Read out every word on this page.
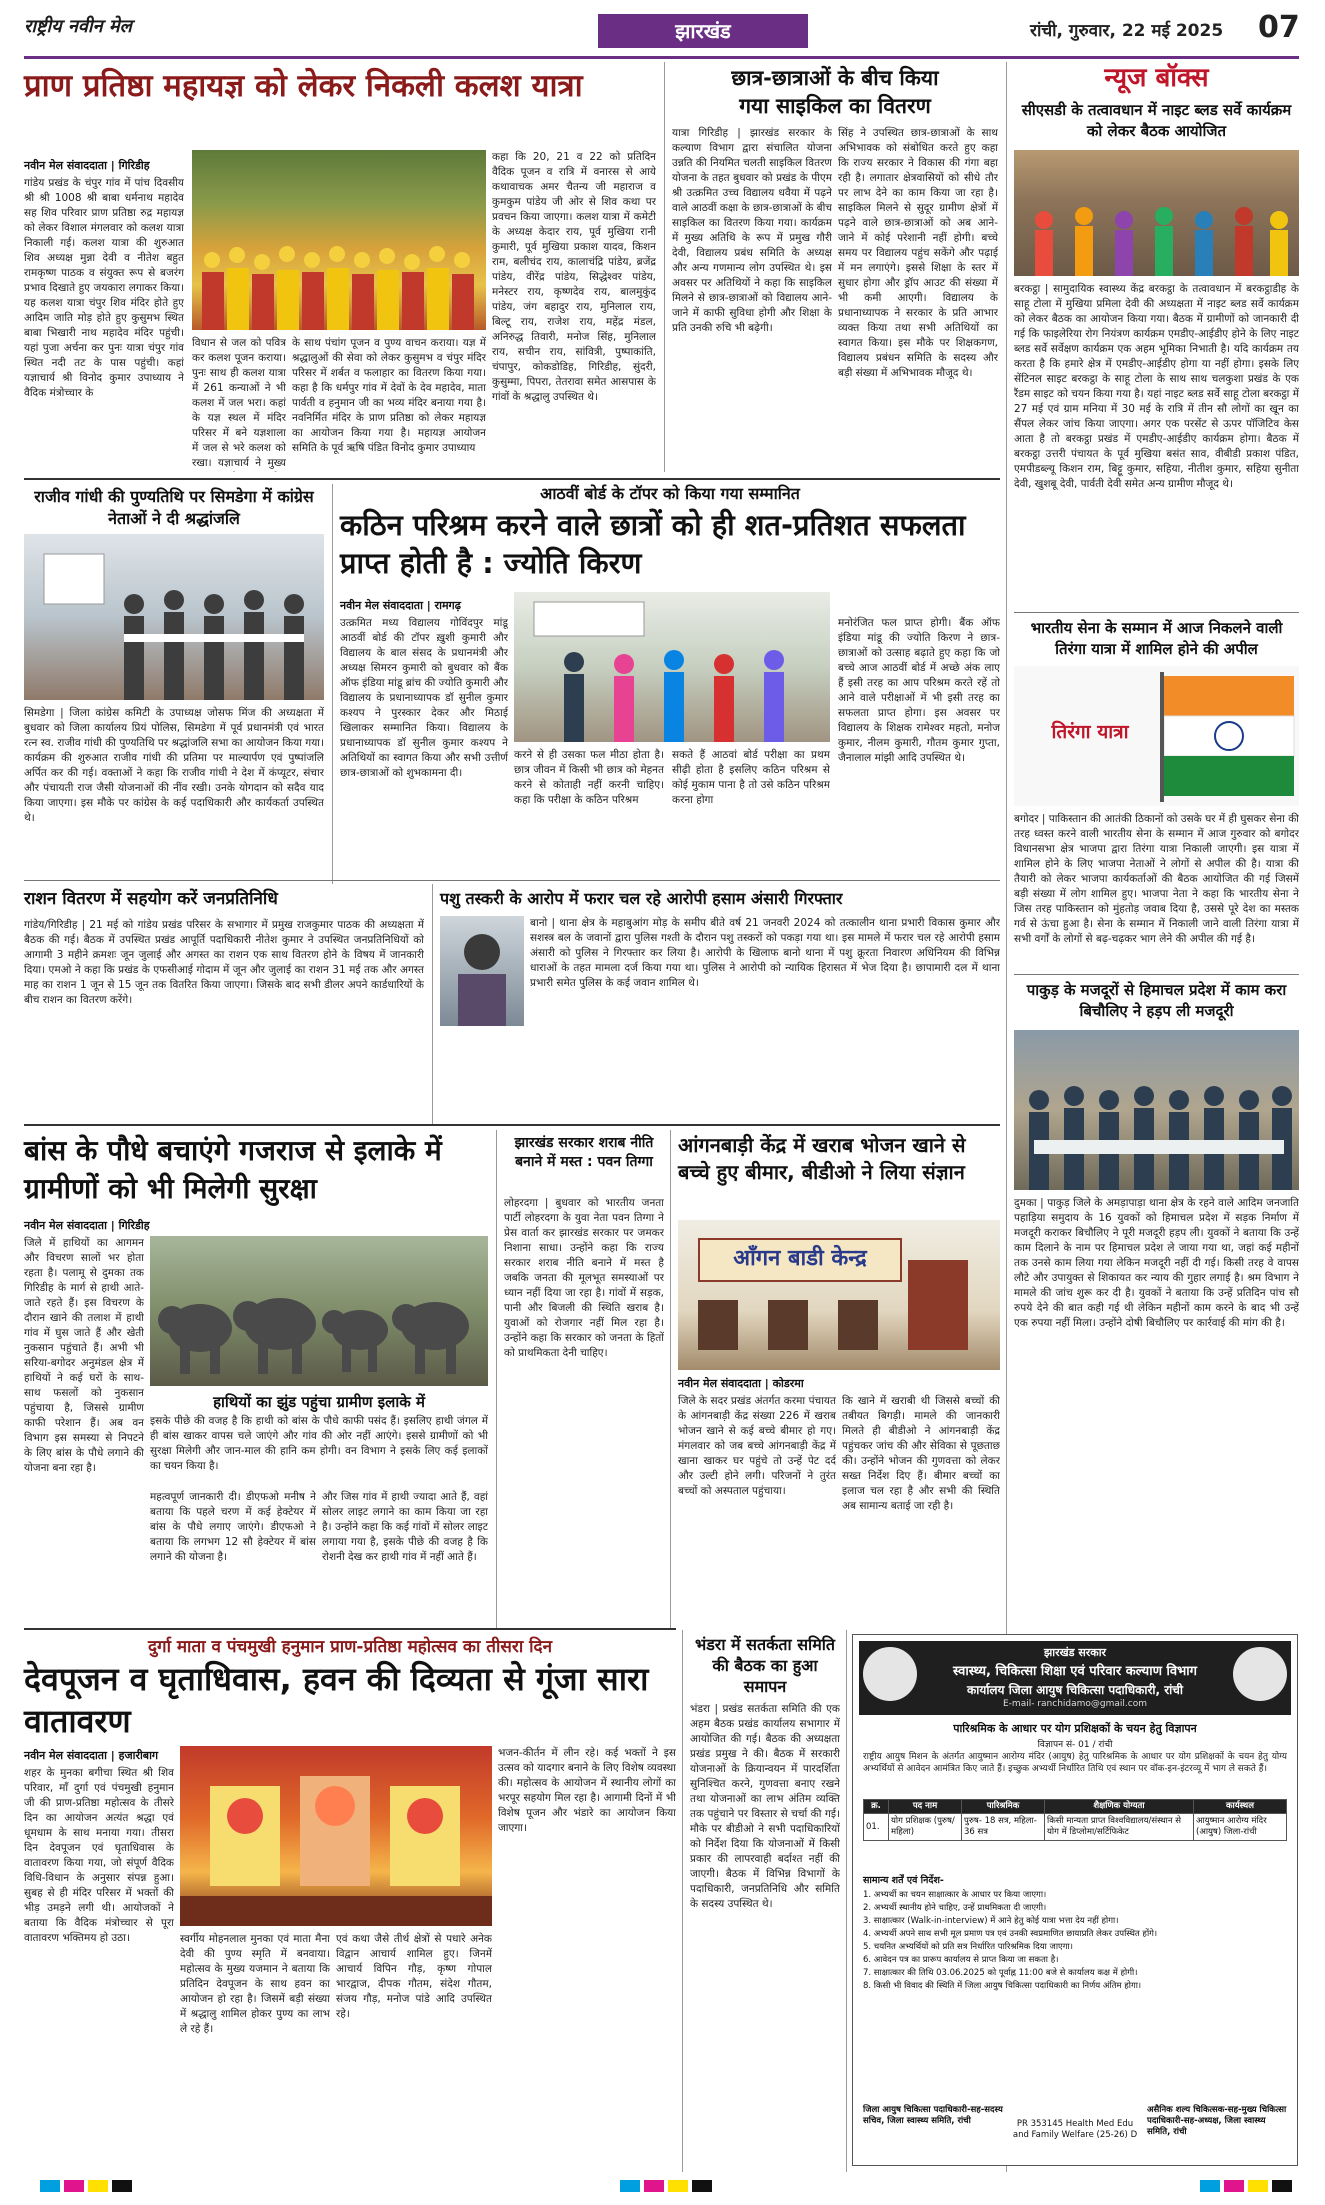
राष्ट्रीय नवीन मेल	झारखंड	रांची, गुरुवार, 22 मई 2025 07
प्राण प्रतिष्ठा महायज्ञ को लेकर निकली कलश यात्रा
नवीन मेल संवाददाता | गिरिडीह
गांडेय प्रखंड के चंपुर गांव में पांच दिवसीय श्री श्री 1008 श्री बाबा धर्मनाथ महादेव सह शिव परिवार प्राण प्रतिष्ठा रुद्र महायज्ञ को लेकर विशाल मंगलवार को कलश यात्रा निकाली गई। कलश यात्रा की शुरुआत शिव अध्यक्ष मुन्ना देवी व नीतेश बहुत रामकृष्ण पाठक व संयुक्त रूप से बजरंग प्रभाव दिखाते हुए जयकारा लगाकर किया। यह कलश यात्रा चंपुर शिव मंदिर होते हुए आदिम जाति मोड़ होते हुए कुसुमभ स्थित बाबा भिखारी नाथ महादेव मंदिर पहुंची। यहां पुजा अर्चना कर पुनः यात्रा चंपुर गांव स्थित नदी तट के पास पहुंची। कहां यज्ञाचार्य श्री विनोद कुमार उपाध्याय ने वैदिक मंत्रोच्चार के
विधान से जल को पवित्र कर कलश पूजन कराया। पुनः साथ ही कलश यात्रा में 261 कन्याओं ने भी कलश में जल भरा। कहां के यज्ञ स्थल में मंदिर परिसर में बने यज्ञशाला में जल से भरे कलश को रखा। यज्ञाचार्य ने मुख्य
के साथ पंचांग पूजन व पुण्य वाचन कराया। यज्ञ में श्रद्धालुओं की सेवा को लेकर कुसुमभ व चंपुर मंदिर परिसर में शर्बत व फलाहार का वितरण किया गया। कहा है कि धर्मपुर गांव में देवों के देव महादेव, माता पार्वती व हनुमान जी का भव्य मंदिर बनाया गया है। नवनिर्मित मंदिर के प्राण प्रतिष्ठा को लेकर महायज्ञ का आयोजन किया गया है। महायज्ञ आयोजन समिति के पूर्व ऋषि पंडित विनोद कुमार उपाध्याय
कहा कि 20, 21 व 22 को प्रतिदिन वैदिक पूजन व रात्रि में वनारस से आये कथावाचक अमर चैतन्य जी महाराज व कुमकुम पांडेय जी ओर से शिव कथा पर प्रवचन किया जाएगा। कलश यात्रा में कमेटी के अध्यक्ष केदार राय, पूर्व मुखिया रानी कुमारी, पूर्व मुखिया प्रकाश यादव, किशन राम, बलीचंद राय, कालाचंद्रि पांडेय, ब्रजेंद्र पांडेय, वीरेंद्र पांडेय, सिद्धेश्वर पांडेय, मनेस्टर राय, कृष्णदेव राय, बालमुकुंद पांडेय, जंग बहादुर राय, मुनिलाल राय, बिल्टू राय, राजेश राय, महेंद्र मंडल, अनिरुद्ध तिवारी, मनोज सिंह, मुनिलाल राय, सचीन राय, सांवित्री, पुष्पाकांति, चंपापुर, कोकडोडिह, गिरिडीह, सुंदरी, कुसुम्मा, पिपरा, तेतरावा समेत आसपास के गांवों के श्रद्धालु उपस्थित थे।
छात्र-छात्राओं के बीच किया
गया साइकिल का वितरण
यात्रा गिरिडीह | झारखंड सरकार के कल्याण विभाग द्वारा संचालित योजना उन्नति की नियमित चलती साइकिल वितरण योजना के तहत बुधवार को प्रखंड के पीएम श्री उत्क्रमित उच्च विद्यालय धवैया में पढ़ने वाले आठवीं कक्षा के छात्र-छात्राओं के बीच साइकिल का वितरण किया गया। कार्यक्रम में मुख्य अतिथि के रूप में प्रमुख गौरी देवी, विद्यालय प्रबंध समिति के अध्यक्ष और अन्य गणमान्य लोग उपस्थित थे। इस अवसर पर अतिथियों ने कहा कि साइकिल मिलने से छात्र-छात्राओं को विद्यालय आने-जाने में काफी सुविधा होगी और शिक्षा के प्रति उनकी रुचि भी बढ़ेगी।
सिंह ने उपस्थित छात्र-छात्राओं के साथ अभिभावक को संबोधित करते हुए कहा कि राज्य सरकार ने विकास की गंगा बहा रही है। लगातार क्षेत्रवासियों को सीधे तौर पर लाभ देने का काम किया जा रहा है। साइकिल मिलने से सुदूर ग्रामीण क्षेत्रों में पढ़ने वाले छात्र-छात्राओं को अब आने-जाने में कोई परेशानी नहीं होगी। बच्चे समय पर विद्यालय पहुंच सकेंगे और पढ़ाई में मन लगाएंगे। इससे शिक्षा के स्तर में सुधार होगा और ड्रॉप आउट की संख्या में भी कमी आएगी। विद्यालय के प्रधानाध्यापक ने सरकार के प्रति आभार व्यक्त किया तथा सभी अतिथियों का स्वागत किया। इस मौके पर शिक्षकगण, विद्यालय प्रबंधन समिति के सदस्य और बड़ी संख्या में अभिभावक मौजूद थे।
न्यूज बॉक्स
सीएसडी के तत्वावधान में नाइट ब्लड सर्वे कार्यक्रम को लेकर बैठक आयोजित
बरकट्ठा | सामुदायिक स्वास्थ्य केंद्र बरकट्ठा के तत्वावधान में बरकट्ठाडीह के साहू टोला में मुखिया प्रमिला देवी की अध्यक्षता में नाइट ब्लड सर्वे कार्यक्रम को लेकर बैठक का आयोजन किया गया। बैठक में ग्रामीणों को जानकारी दी गई कि फाइलेरिया रोग नियंत्रण कार्यक्रम एमडीए-आईडीए होने के लिए नाइट ब्लड सर्वे सर्वेक्षण कार्यक्रम एक अहम भूमिका निभाती है। यदि कार्यक्रम तय करता है कि हमारे क्षेत्र में एमडीए-आईडीए होगा या नहीं होगा। इसके लिए सेंटिनल साइट बरकट्ठा के साहू टोला के साथ साथ चलकुशा प्रखंड के एक रैंडम साइट को चयन किया गया है। यहां नाइट ब्लड सर्वे साहू टोला बरकट्ठा में 27 मई एवं ग्राम मनिया में 30 मई के रात्रि में तीन सौ लोगों का खून का सैंपल लेकर जांच किया जाएगा। अगर एक परसेंट से ऊपर पॉजिटिव केस आता है तो बरकट्ठा प्रखंड में एमडीए-आईडीए कार्यक्रम होगा। बैठक में बरकट्ठा उत्तरी पंचायत के पूर्व मुखिया बसंत साव, वीबीडी प्रकाश पंडित, एमपीडब्ल्यू किशन राम, बिट्टू कुमार, सहिया, नीतीश कुमार, सहिया सुनीता देवी, खुशबू देवी, पार्वती देवी समेत अन्य ग्रामीण मौजूद थे।
भारतीय सेना के सम्मान में आज निकलने वाली तिरंगा यात्रा में शामिल होने की अपील
तिरंगा यात्रा
बगोदर | पाकिस्तान की आतंकी ठिकानों को उसके घर में ही घुसकर सेना की तरह ध्वस्त करने वाली भारतीय सेना के सम्मान में आज गुरुवार को बगोदर विधानसभा क्षेत्र भाजपा द्वारा तिरंगा यात्रा निकाली जाएगी। इस यात्रा में शामिल होने के लिए भाजपा नेताओं ने लोगों से अपील की है। यात्रा की तैयारी को लेकर भाजपा कार्यकर्ताओं की बैठक आयोजित की गई जिसमें बड़ी संख्या में लोग शामिल हुए। भाजपा नेता ने कहा कि भारतीय सेना ने जिस तरह पाकिस्तान को मुंहतोड़ जवाब दिया है, उससे पूरे देश का मस्तक गर्व से ऊंचा हुआ है। सेना के सम्मान में निकाली जाने वाली तिरंगा यात्रा में सभी वर्गों के लोगों से बढ़-चढ़कर भाग लेने की अपील की गई है।
पाकुड़ के मजदूरों से हिमाचल प्रदेश में काम करा बिचौलिए ने हड़प ली मजदूरी
दुमका | पाकुड़ जिले के अमड़ापाड़ा थाना क्षेत्र के रहने वाले आदिम जनजाति पहाड़िया समुदाय के 16 युवकों को हिमाचल प्रदेश में सड़क निर्माण में मजदूरी कराकर बिचौलिए ने पूरी मजदूरी हड़प ली। युवकों ने बताया कि उन्हें काम दिलाने के नाम पर हिमाचल प्रदेश ले जाया गया था, जहां कई महीनों तक उनसे काम लिया गया लेकिन मजदूरी नहीं दी गई। किसी तरह वे वापस लौटे और उपायुक्त से शिकायत कर न्याय की गुहार लगाई है। श्रम विभाग ने मामले की जांच शुरू कर दी है। युवकों ने बताया कि उन्हें प्रतिदिन पांच सौ रुपये देने की बात कही गई थी लेकिन महीनों काम करने के बाद भी उन्हें एक रुपया नहीं मिला। उन्होंने दोषी बिचौलिए पर कार्रवाई की मांग की है।
राजीव गांधी की पुण्यतिथि पर सिमडेगा में कांग्रेस नेताओं ने दी श्रद्धांजलि
सिमडेगा | जिला कांग्रेस कमिटी के उपाध्यक्ष जोसफ मिंज की अध्यक्षता में बुधवार को जिला कार्यालय प्रियं पोलिस, सिमडेगा में पूर्व प्रधानमंत्री एवं भारत रत्न स्व. राजीव गांधी की पुण्यतिथि पर श्रद्धांजलि सभा का आयोजन किया गया। कार्यक्रम की शुरुआत राजीव गांधी की प्रतिमा पर माल्यार्पण एवं पुष्पांजलि अर्पित कर की गई। वक्ताओं ने कहा कि राजीव गांधी ने देश में कंप्यूटर, संचार और पंचायती राज जैसी योजनाओं की नींव रखी। उनके योगदान को सदैव याद किया जाएगा। इस मौके पर कांग्रेस के कई पदाधिकारी और कार्यकर्ता उपस्थित थे।
आठवीं बोर्ड के टॉपर को किया गया सम्मानित
कठिन परिश्रम करने वाले छात्रों को ही शत-प्रतिशत सफलता प्राप्त होती है : ज्योति किरण
नवीन मेल संवाददाता | रामगढ़
उत्क्रमित मध्य विद्यालय गोविंदपुर मांडू आठवीं बोर्ड की टॉपर ख़ुशी कुमारी और विद्यालय के बाल संसद के प्रधानमंत्री और अध्यक्ष सिमरन कुमारी को बुधवार को बैंक ऑफ इंडिया मांडू ब्रांच की ज्योति कुमारी और विद्यालय के प्रधानाध्यापक डॉ सुनील कुमार कश्यप ने पुरस्कार देकर और मिठाई खिलाकर सम्मानित किया। विद्यालय के प्रधानाध्यापक डॉ सुनील कुमार कश्यप ने अतिथियों का स्वागत किया और सभी उत्तीर्ण छात्र-छात्राओं को शुभकामना दी।
करने से ही उसका फल मीठा होता है। छात्र जीवन में किसी भी छात्र को मेहनत करने से कोताही नहीं करनी चाहिए। कहा कि परीक्षा के कठिन परिश्रम
सकते हैं आठवां बोर्ड परीक्षा का प्रथम सीढ़ी होता है इसलिए कठिन परिश्रम से कोई मुकाम पाना है तो उसे कठिन परिश्रम करना होगा
मनोरंजित फल प्राप्त होगी। बैंक ऑफ इंडिया मांडू की ज्योति किरण ने छात्र-छात्राओं को उत्साह बढ़ाते हुए कहा कि जो बच्चे आज आठवीं बोर्ड में अच्छे अंक लाए हैं इसी तरह का आप परिश्रम करते रहें तो आने वाले परीक्षाओं में भी इसी तरह का सफलता प्राप्त होगा। इस अवसर पर विद्यालय के शिक्षक रामेश्वर महतो, मनोज कुमार, नीलम कुमारी, गौतम कुमार गुप्ता, जैनालाल मांझी आदि उपस्थित थे।
राशन वितरण में सहयोग करें जनप्रतिनिधि
गांडेय/गिरिडीह | 21 मई को गांडेय प्रखंड परिसर के सभागार में प्रमुख राजकुमार पाठक की अध्यक्षता में बैठक की गई। बैठक में उपस्थित प्रखंड आपूर्ति पदाधिकारी नीतेश कुमार ने उपस्थित जनप्रतिनिधियों को आगामी 3 महीने क्रमशः जून जुलाई और अगस्त का राशन एक साथ वितरण होने के विषय में जानकारी दिया। एमओ ने कहा कि प्रखंड के एफसीआई गोदाम में जून और जुलाई का राशन 31 मई तक और अगस्त माह का राशन 1 जून से 15 जून तक वितरित किया जाएगा। जिसके बाद सभी डीलर अपने कार्डधारियों के बीच राशन का वितरण करेंगे।
पशु तस्करी के आरोप में फरार चल रहे आरोपी हसाम अंसारी गिरफ्तार
बानो | थाना क्षेत्र के महाबुआंग मोड़ के समीप बीते वर्ष 21 जनवरी 2024 को तत्कालीन थाना प्रभारी विकास कुमार और सशस्त्र बल के जवानों द्वारा पुलिस गश्ती के दौरान पशु तस्करों को पकड़ा गया था। इस मामले में फरार चल रहे आरोपी हसाम अंसारी को पुलिस ने गिरफ्तार कर लिया है। आरोपी के खिलाफ बानो थाना में पशु क्रूरता निवारण अधिनियम की विभिन्न धाराओं के तहत मामला दर्ज किया गया था। पुलिस ने आरोपी को न्यायिक हिरासत में भेज दिया है। छापामारी दल में थाना प्रभारी समेत पुलिस के कई जवान शामिल थे।
बांस के पौधे बचाएंगे गजराज से इलाके में ग्रामीणों को भी मिलेगी सुरक्षा
नवीन मेल संवाददाता | गिरिडीह
जिले में हाथियों का आगमन और विचरण सालों भर होता रहता है। पलामू से दुमका तक गिरिडीह के मार्ग से हाथी आते-जाते रहते हैं। इस विचरण के दौरान खाने की तलाश में हाथी गांव में घुस जाते हैं और खेती नुकसान पहुंचाते हैं। अभी भी सरिया-बगोदर अनुमंडल क्षेत्र में हाथियों ने कई घरों के साथ-साथ फसलों को नुकसान पहुंचाया है, जिससे ग्रामीण काफी परेशान हैं। अब वन विभाग इस समस्या से निपटने के लिए बांस के पौधे लगाने की योजना बना रहा है।
हाथियों का झुंड पहुंचा ग्रामीण इलाके में
इसके पीछे की वजह है कि हाथी को बांस के पौधे काफी पसंद हैं। इसलिए हाथी जंगल में ही बांस खाकर वापस चले जाएंगे और गांव की ओर नहीं आएंगे। इससे ग्रामीणों को भी सुरक्षा मिलेगी और जान-माल की हानि कम होगी। वन विभाग ने इसके लिए कई इलाकों का चयन किया है।
महत्वपूर्ण जानकारी दी। डीएफओ मनीष ने बताया कि पहले चरण में कई हेक्टेयर में बांस के पौधे लगाए जाएंगे। डीएफओ ने बताया कि लगभग 12 सौ हेक्टेयर में बांस लगाने की योजना है।
और जिस गांव में हाथी ज्यादा आते हैं, वहां सोलर लाइट लगाने का काम किया जा रहा है। उन्होंने कहा कि कई गांवों में सोलर लाइट लगाया गया है, इसके पीछे की वजह है कि रोशनी देख कर हाथी गांव में नहीं आते हैं।
झारखंड सरकार शराब नीति बनाने में मस्त : पवन तिग्गा
लोहरदगा | बुधवार को भारतीय जनता पार्टी लोहरदगा के युवा नेता पवन तिग्गा ने प्रेस वार्ता कर झारखंड सरकार पर जमकर निशाना साधा। उन्होंने कहा कि राज्य सरकार शराब नीति बनाने में मस्त है जबकि जनता की मूलभूत समस्याओं पर ध्यान नहीं दिया जा रहा है। गांवों में सड़क, पानी और बिजली की स्थिति खराब है। युवाओं को रोजगार नहीं मिल रहा है। उन्होंने कहा कि सरकार को जनता के हितों को प्राथमिकता देनी चाहिए।
आंगनबाड़ी केंद्र में खराब भोजन खाने से बच्चे हुए बीमार, बीडीओ ने लिया संज्ञान
ऑंगन बाडी केन्द्र
नवीन मेल संवाददाता | कोडरमा
जिले के सदर प्रखंड अंतर्गत करमा पंचायत के आंगनबाड़ी केंद्र संख्या 226 में खराब भोजन खाने से कई बच्चे बीमार हो गए। मंगलवार को जब बच्चे आंगनबाड़ी केंद्र में खाना खाकर घर पहुंचे तो उन्हें पेट दर्द और उल्टी होने लगी। परिजनों ने तुरंत बच्चों को अस्पताल पहुंचाया।
कि खाने में खराबी थी जिससे बच्चों की तबीयत बिगड़ी। मामले की जानकारी मिलते ही बीडीओ ने आंगनबाड़ी केंद्र पहुंचकर जांच की और सेविका से पूछताछ की। उन्होंने भोजन की गुणवत्ता को लेकर सख्त निर्देश दिए हैं। बीमार बच्चों का इलाज चल रहा है और सभी की स्थिति अब सामान्य बताई जा रही है।
दुर्गा माता व पंचमुखी हनुमान प्राण-प्रतिष्ठा महोत्सव का तीसरा दिन
देवपूजन व घृताधिवास, हवन की दिव्यता से गूंजा सारा वातावरण
नवीन मेल संवाददाता | हजारीबाग
शहर के मुनका बगीचा स्थित श्री शिव परिवार, माँ दुर्गा एवं पंचमुखी हनुमान जी की प्राण-प्रतिष्ठा महोत्सव के तीसरे दिन का आयोजन अत्यंत श्रद्धा एवं धूमधाम के साथ मनाया गया। तीसरा दिन देवपूजन एवं घृताधिवास के वातावरण किया गया, जो संपूर्ण वैदिक विधि-विधान के अनुसार संपन्न हुआ। सुबह से ही मंदिर परिसर में भक्तों की भीड़ उमड़ने लगी थी। आयोजकों ने बताया कि वैदिक मंत्रोच्चार से पूरा वातावरण भक्तिमय हो उठा।	स्वर्गीय मोहनलाल मुनका एवं माता मैना देवी की पुण्य स्मृति में बनवाया। महोत्सव के मुख्य यजमान ने बताया कि प्रतिदिन देवपूजन के साथ हवन का आयोजन हो रहा है। जिसमें बड़ी संख्या में श्रद्धालु शामिल होकर पुण्य का लाभ ले रहे हैं।
एवं कथा जैसे तीर्थ क्षेत्रों से पधारे अनेक विद्वान आचार्य शामिल हुए। जिनमें आचार्य विपिन गौड़, कृष्ण गोपाल भारद्वाज, दीपक गौतम, संदेश गौतम, संजय गौड़, मनोज पांडे आदि उपस्थित रहे।
भजन-कीर्तन में लीन रहे। कई भक्तों ने इस उत्सव को यादगार बनाने के लिए विशेष व्यवस्था की। महोत्सव के आयोजन में स्थानीय लोगों का भरपूर सहयोग मिल रहा है। आगामी दिनों में भी विशेष पूजन और भंडारे का आयोजन किया जाएगा।
भंडरा में सतर्कता समिति की बैठक का हुआ समापन
भंडरा | प्रखंड सतर्कता समिति की एक अहम बैठक प्रखंड कार्यालय सभागार में आयोजित की गई। बैठक की अध्यक्षता प्रखंड प्रमुख ने की। बैठक में सरकारी योजनाओं के क्रियान्वयन में पारदर्शिता सुनिश्चित करने, गुणवत्ता बनाए रखने तथा योजनाओं का लाभ अंतिम व्यक्ति तक पहुंचाने पर विस्तार से चर्चा की गई। मौके पर बीडीओ ने सभी पदाधिकारियों को निर्देश दिया कि योजनाओं में किसी प्रकार की लापरवाही बर्दाश्त नहीं की जाएगी। बैठक में विभिन्न विभागों के पदाधिकारी, जनप्रतिनिधि और समिति के सदस्य उपस्थित थे।
झारखंड सरकार
स्वास्थ्य, चिकित्सा शिक्षा एवं परिवार कल्याण विभाग
कार्यालय जिला आयुष चिकित्सा पदाधिकारी, रांची
E-mail- ranchidamo@gmail.com
पारिश्रमिक के आधार पर योग प्रशिक्षकों के चयन हेतु विज्ञापन
विज्ञापन सं- 01 / रांची
राष्ट्रीय आयुष मिशन के अंतर्गत आयुष्मान आरोग्य मंदिर (आयुष) हेतु पारिश्रमिक के आधार पर योग प्रशिक्षकों के चयन हेतु योग्य अभ्यर्थियों से आवेदन आमंत्रित किए जाते हैं। इच्छुक अभ्यर्थी निर्धारित तिथि एवं स्थान पर वॉक-इन-इंटरव्यू में भाग ले सकते हैं।
क्र.	पद नाम	पारिश्रमिक	शैक्षणिक योग्यता	कार्यस्थल
01.	योग प्रशिक्षक (पुरुष/महिला)	पुरुष- 18 सत्र, महिला- 36 सत्र	किसी मान्यता प्राप्त विश्वविद्यालय/संस्थान से योग में डिप्लोमा/सर्टिफिकेट	आयुष्मान आरोग्य मंदिर (आयुष) जिला-रांची
सामान्य शर्तें एवं निर्देश-
1. अभ्यर्थी का चयन साक्षात्कार के आधार पर किया जाएगा।
2. अभ्यर्थी स्थानीय होने चाहिए, उन्हें प्राथमिकता दी जाएगी।
3. साक्षात्कार (Walk-in-interview) में आने हेतु कोई यात्रा भत्ता देय नहीं होगा।
4. अभ्यर्थी अपने साथ सभी मूल प्रमाण पत्र एवं उनकी स्वप्रमाणित छायाप्रति लेकर उपस्थित होंगे।
5. चयनित अभ्यर्थियों को प्रति सत्र निर्धारित पारिश्रमिक दिया जाएगा।
6. आवेदन पत्र का प्रारूप कार्यालय से प्राप्त किया जा सकता है।
7. साक्षात्कार की तिथि 03.06.2025 को पूर्वाह्न 11:00 बजे से कार्यालय कक्ष में होगी।
8. किसी भी विवाद की स्थिति में जिला आयुष चिकित्सा पदाधिकारी का निर्णय अंतिम होगा।
जिला आयुष चिकित्सा पदाधिकारी-सह-सदस्य सचिव, जिला स्वास्थ्य समिति, रांची	PR 353145 Health Med Edu and Family Welfare (25-26) D
असैनिक शल्य चिकित्सक-सह-मुख्य चिकित्सा पदाधिकारी-सह-अध्यक्ष, जिला स्वास्थ्य समिति, रांची
